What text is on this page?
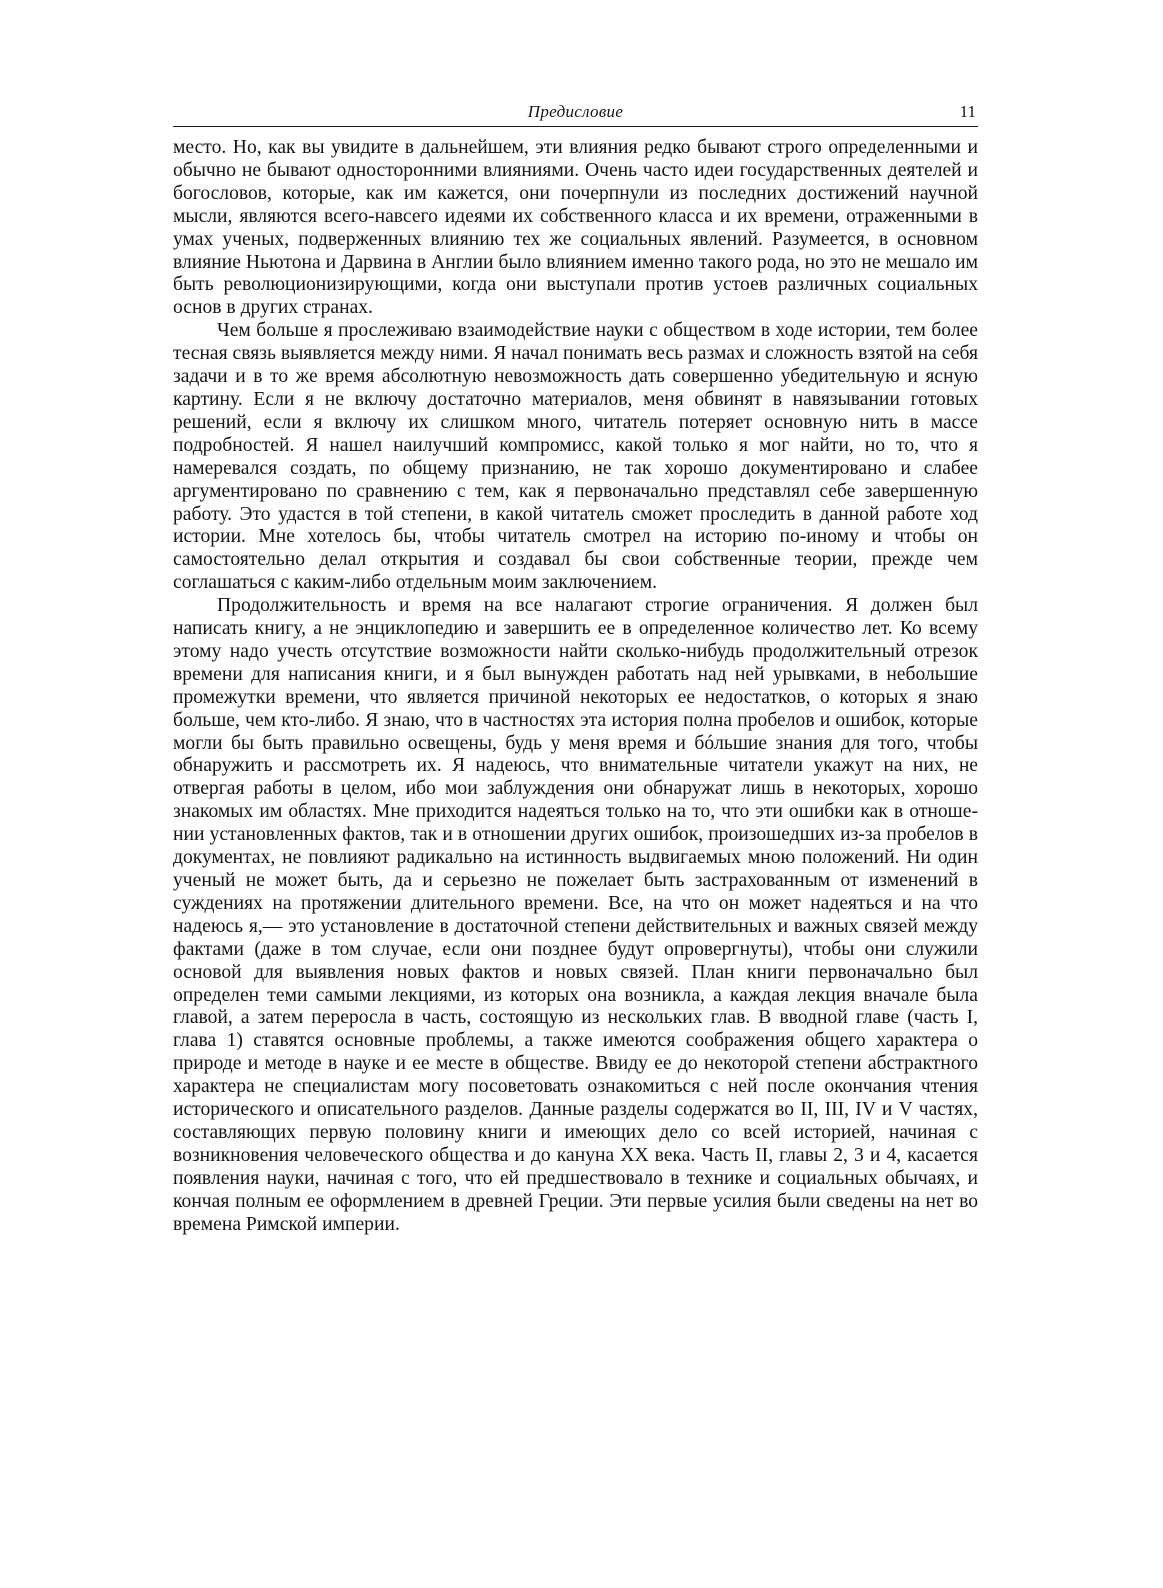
Предисловие	11

место. Но, как вы увидите в дальнейшем, эти влияния редко бывают строго определенными и обычно не бывают односторонними влияниями. Очень часто идеи государственных деятелей и богословов, которые, как им кажется, они почерпнули из последних достижений научной мысли, являются всего-навсего идеями их собственного класса и их времени, отраженными в умах ученых, подверженных влиянию тех же социальных явлений. Разумеется, в основном влияние Ньютона и Дарвина в Англии было влиянием именно такого рода, но это не мешало им быть революционизирующими, когда они выступали против устоев различных социальных основ в других странах.

Чем больше я прослеживаю взаимодействие науки с обществом в ходе истории, тем более тесная связь выявляется между ними. Я начал понимать весь размах и сложность взятой на себя задачи и в то же время абсолютную невозможность дать совершенно убедительную и ясную картину. Если я не включу достаточно материалов, меня обвинят в навязывании готовых решений, если я включу их слишком много, читатель потеряет основную нить в массе подробностей. Я нашел наилучший компромисс, какой только я мог найти, но то, что я намеревался создать, по общему признанию, не так хорошо документировано и слабее аргументировано по сравнению с тем, как я первоначально представлял себе завершенную работу. Это удастся в той степени, в какой читатель сможет проследить в данной работе ход истории. Мне хотелось бы, чтобы читатель смотрел на историю по-иному и чтобы он самостоятельно делал открытия и создавал бы свои собственные теории, прежде чем соглашаться с каким-либо отдельным моим заключением.

Продолжительность и время на все налагают строгие ограничения. Я должен был написать книгу, а не энциклопедию и завершить ее в определенное количество лет. Ко всему этому надо учесть отсутствие возможности найти сколько-нибудь продолжительный отрезок времени для написания книги, и я был вынужден работать над ней урывками, в небольшие промежутки времени, что является причиной некоторых ее недостатков, о которых я знаю больше, чем кто-либо. Я знаю, что в частностях эта история полна пробелов и ошибок, которые могли бы быть правильно освещены, будь у меня время и бóльшие знания для того, чтобы обнаружить и рассмотреть их. Я надеюсь, что внимательные читатели укажут на них, не отвергая работы в целом, ибо мои заблуждения они обнаружат лишь в некоторых, хорошо знакомых им областях. Мне приходится надеяться только на то, что эти ошибки как в отношении установленных фактов, так и в отношении других ошибок, произошедших из-за пробелов в документах, не повлияют радикально на истинность выдвигаемых мною положений. Ни один ученый не может быть, да и серьезно не пожелает быть застрахованным от изменений в суждениях на протяжении длительного времени. Все, на что он может надеяться и на что надеюсь я,— это установление в достаточной степени действительных и важных связей между фактами (даже в том случае, если они позднее будут опровергнуты), чтобы они служили основой для выявления новых фактов и новых связей. План книги первоначально был определен теми самыми лекциями, из которых она возникла, а каждая лекция вначале была главой, а затем переросла в часть, состоящую из нескольких глав. В вводной главе (часть I, глава 1) ставятся основные проблемы, а также имеются соображения общего характера о природе и методе в науке и ее месте в обществе. Ввиду ее до некоторой степени абстрактного характера не специалистам могу посоветовать ознакомиться с ней после окончания чтения исторического и описательного разделов. Данные разделы содержатся во II, III, IV и V частях, составляющих первую половину книги и имеющих дело со всей историей, начиная с возникновения человеческого общества и до кануна XX века. Часть II, главы 2, 3 и 4, касается появления науки, начиная с того, что ей предшествовало в технике и социальных обычаях, и кончая полным ее оформлением в древней Греции. Эти первые усилия были сведены на нет во времена Римской империи.
